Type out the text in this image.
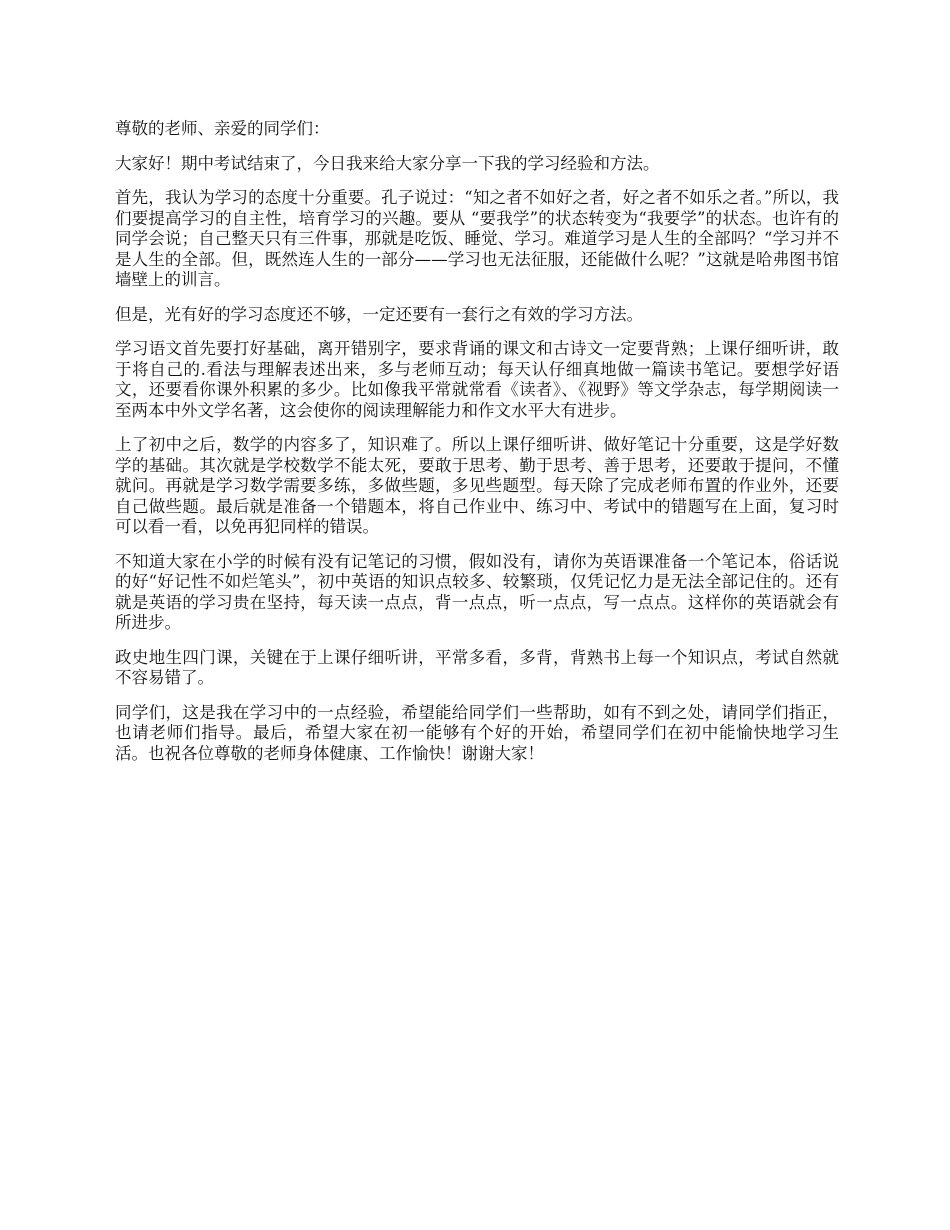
尊敬的老师、亲爱的同学们：

大家好！期中考试结束了，今日我来给大家分享一下我的学习经验和方法。

首先，我认为学习的态度十分重要。孔子说过：“知之者不如好之者，好之者不如乐之者。”所以，我们要提高学习的自主性，培育学习的兴趣。要从 “要我学”的状态转变为“我要学”的状态。也许有的同学会说；自己整天只有三件事，那就是吃饭、睡觉、学习。难道学习是人生的全部吗？“学习并不是人生的全部。但，既然连人生的一部分——学习也无法征服，还能做什么呢？”这就是哈弗图书馆墙壁上的训言。

但是，光有好的学习态度还不够，一定还要有一套行之有效的学习方法。

学习语文首先要打好基础，离开错别字，要求背诵的课文和古诗文一定要背熟；上课仔细听讲，敢于将自己的.看法与理解表述出来，多与老师互动；每天认仔细真地做一篇读书笔记。要想学好语文，还要看你课外积累的多少。比如像我平常就常看《读者》、《视野》等文学杂志，每学期阅读一至两本中外文学名著，这会使你的阅读理解能力和作文水平大有进步。

上了初中之后，数学的内容多了，知识难了。所以上课仔细听讲、做好笔记十分重要，这是学好数学的基础。其次就是学校数学不能太死，要敢于思考、勤于思考、善于思考，还要敢于提问，不懂就问。再就是学习数学需要多练，多做些题，多见些题型。每天除了完成老师布置的作业外，还要自己做些题。最后就是准备一个错题本，将自己作业中、练习中、考试中的错题写在上面，复习时可以看一看，以免再犯同样的错误。

不知道大家在小学的时候有没有记笔记的习惯，假如没有，请你为英语课准备一个笔记本，俗话说的好“好记性不如烂笔头”，初中英语的知识点较多、较繁琐，仅凭记忆力是无法全部记住的。还有就是英语的学习贵在坚持，每天读一点点，背一点点，听一点点，写一点点。这样你的英语就会有所进步。

政史地生四门课，关键在于上课仔细听讲，平常多看，多背，背熟书上每一个知识点，考试自然就不容易错了。

同学们，这是我在学习中的一点经验，希望能给同学们一些帮助，如有不到之处，请同学们指正，也请老师们指导。最后，希望大家在初一能够有个好的开始，希望同学们在初中能愉快地学习生活。也祝各位尊敬的老师身体健康、工作愉快！谢谢大家！
